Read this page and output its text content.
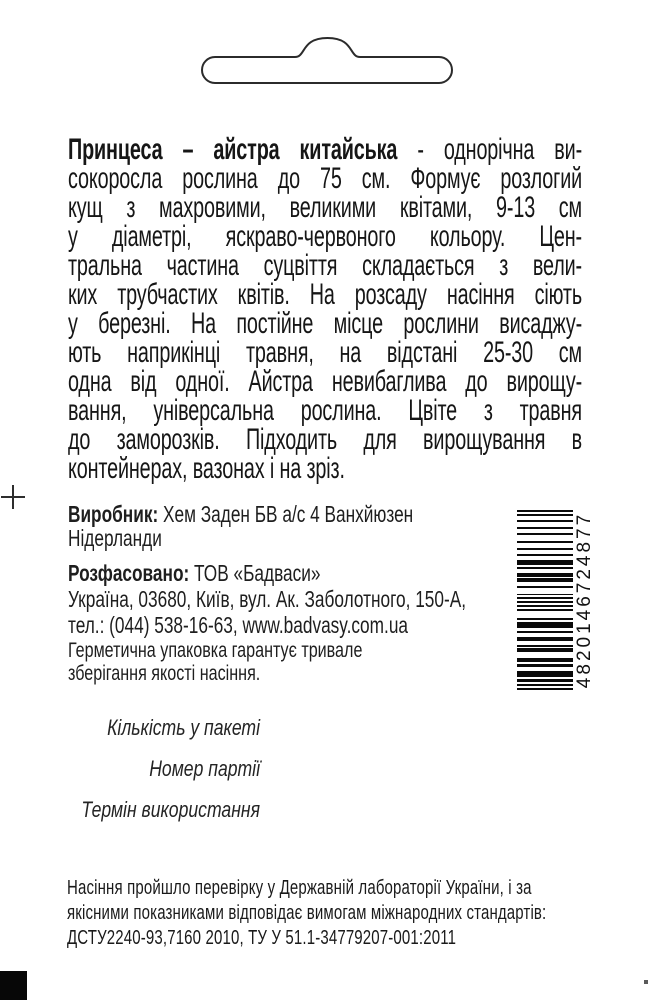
Принцеса – айстра китайська - однорічна ви-
сокоросла рослина до 75 см. Формує розлогий
кущ з махровими, великими квітами, 9-13 см
у діаметрі, яскраво-червоного кольору. Цен-
тральна частина суцвіття складається з вели-
ких трубчастих квітів. На розсаду насіння сіють
у березні. На постійне місце рослини висаджу-
ють наприкінці травня, на відстані 25-30 см
одна від одної. Айстра невибаглива до вирощу-
вання, універсальна рослина. Цвіте з травня
до заморозків. Підходить для вирощування в
контейнерах, вазонах і на зріз.
Виробник: Хем Заден БВ а/с 4 Ванхйюзен
Нідерланди
Розфасовано: ТОВ «Бадваси»
Україна, 03680, Київ, вул. Ак. Заболотного, 150-А,
тел.: (044) 538-16-63, www.badvasy.com.ua
Герметична упаковка гарантує тривале
зберігання якості насіння.
Кількість у пакеті
Номер партії
Термін використання
Насіння пройшло перевірку у Державній лабораторії України, і за
якісними показниками відповідає вимогам міжнародних стандартів:
ДСТУ2240-93,7160 2010, ТУ У 51.1-34779207-001:2011
4820146724877
